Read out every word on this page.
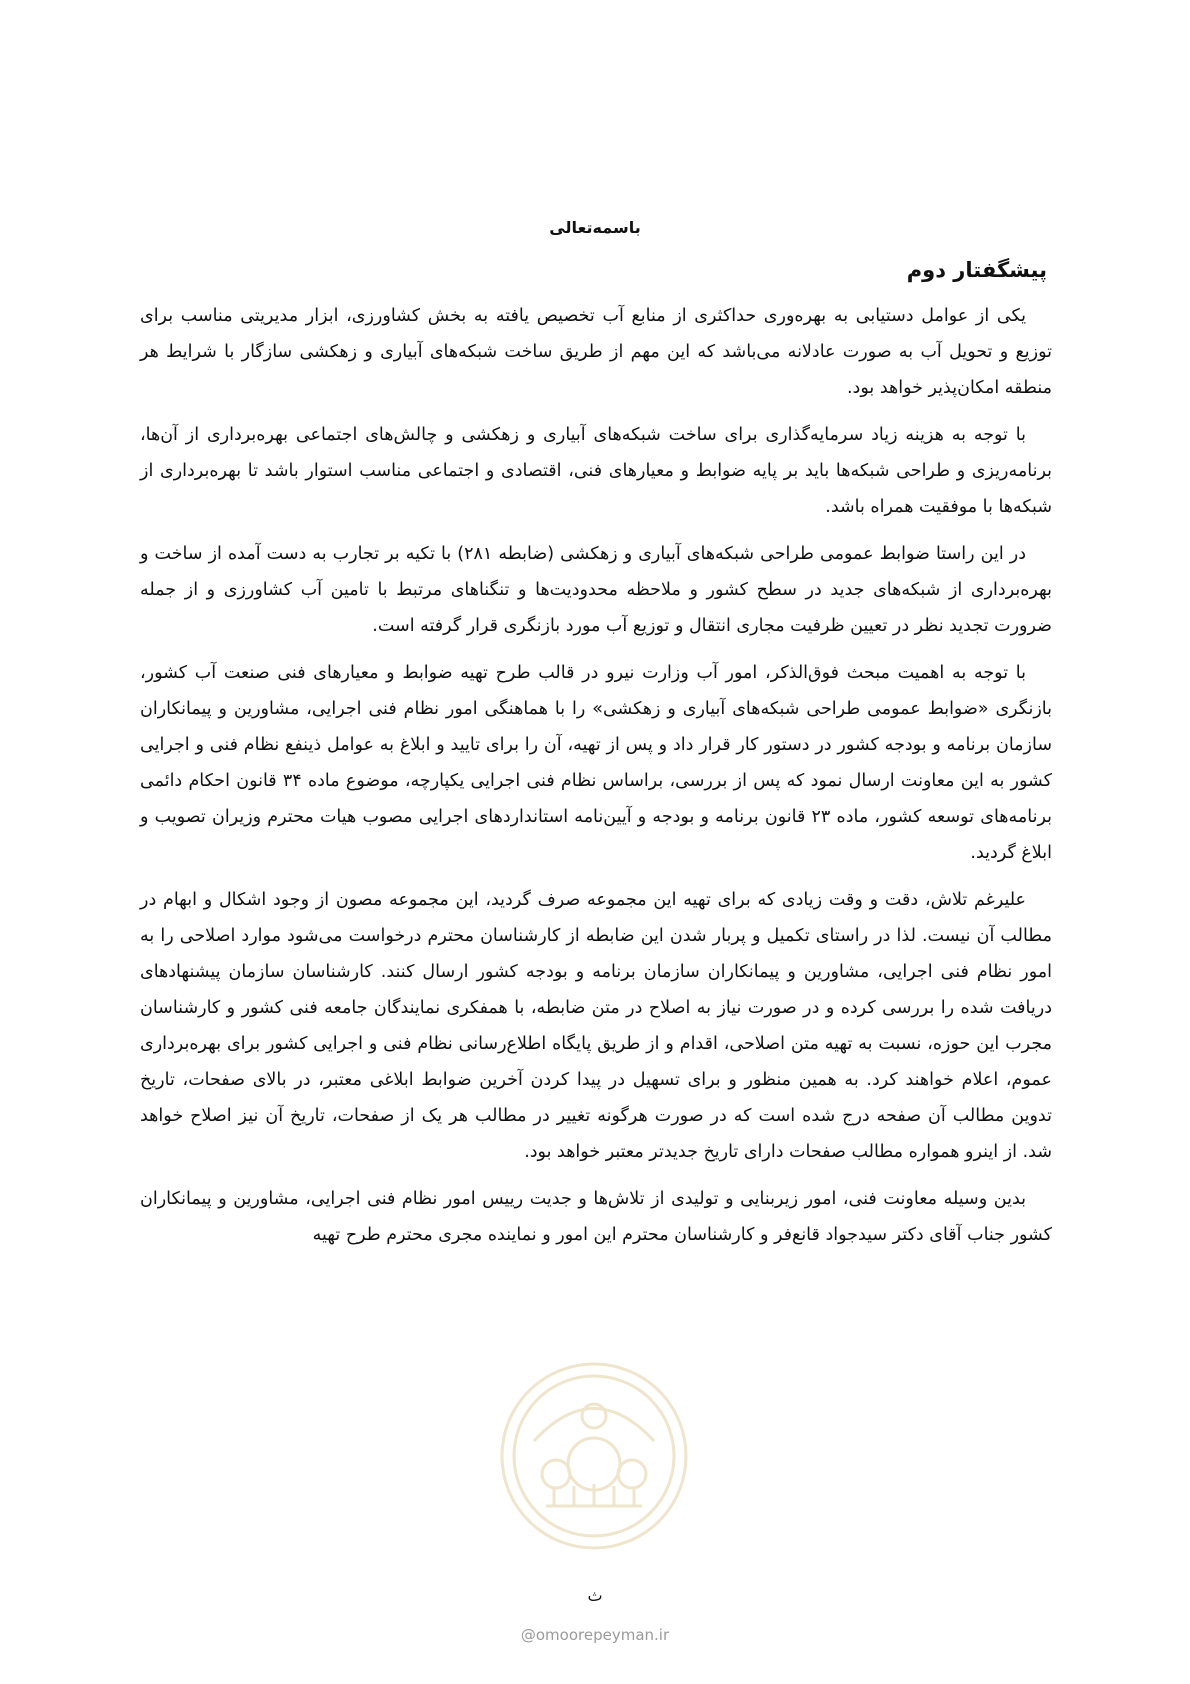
باسمه‌تعالی
پیشگفتار دوم

یکی از عوامل دستیابی به بهره‌وری حداکثری از منابع آب تخصیص یافته به بخش کشاورزی، ابزار مدیریتی مناسب برای توزیع و تحویل آب به صورت عادلانه می‌باشد که این مهم از طریق ساخت شبکه‌های آبیاری و زهکشی سازگار با شرایط هر منطقه امکان‌پذیر خواهد بود.

با توجه به هزینه زیاد سرمایه‌گذاری برای ساخت شبکه‌های آبیاری و زهکشی و چالش‌های اجتماعی بهره‌برداری از آن‌ها، برنامه‌ریزی و طراحی شبکه‌ها باید بر پایه ضوابط و معیارهای فنی، اقتصادی و اجتماعی مناسب استوار باشد تا بهره‌برداری از شبکه‌ها با موفقیت همراه باشد.

در این راستا ضوابط عمومی طراحی شبکه‌های آبیاری و زهکشی (ضابطه ۲۸۱) با تکیه بر تجارب به دست آمده از ساخت و بهره‌برداری از شبکه‌های جدید در سطح کشور و ملاحظه محدودیت‌ها و تنگناهای مرتبط با تامین آب کشاورزی و از جمله ضرورت تجدید نظر در تعیین ظرفیت مجاری انتقال و توزیع آب مورد بازنگری قرار گرفته است.

با توجه به اهمیت مبحث فوق‌الذکر، امور آب وزارت نیرو در قالب طرح تهیه ضوابط و معیارهای فنی صنعت آب کشور، بازنگری «ضوابط عمومی طراحی شبکه‌های آبیاری و زهکشی» را با هماهنگی امور نظام فنی اجرایی، مشاورین و پیمانکاران سازمان برنامه و بودجه کشور در دستور کار قرار داد و پس از تهیه، آن را برای تایید و ابلاغ به عوامل ذینفع نظام فنی و اجرایی کشور به این معاونت ارسال نمود که پس از بررسی، براساس نظام فنی اجرایی یکپارچه، موضوع ماده ۳۴ قانون احکام دائمی برنامه‌های توسعه کشور، ماده ۲۳ قانون برنامه و بودجه و آیین‌نامه استانداردهای اجرایی مصوب هیات محترم وزیران تصویب و ابلاغ گردید.

علیرغم تلاش، دقت و وقت زیادی که برای تهیه این مجموعه صرف گردید، این مجموعه مصون از وجود اشکال و ابهام در مطالب آن نیست. لذا در راستای تکمیل و پربار شدن این ضابطه از کارشناسان محترم درخواست می‌شود موارد اصلاحی را به امور نظام فنی اجرایی، مشاورین و پیمانکاران سازمان برنامه و بودجه کشور ارسال کنند. کارشناسان سازمان پیشنهادهای دریافت شده را بررسی کرده و در صورت نیاز به اصلاح در متن ضابطه، با همفکری نمایندگان جامعه فنی کشور و کارشناسان مجرب این حوزه، نسبت به تهیه متن اصلاحی، اقدام و از طریق پایگاه اطلاع‌رسانی نظام فنی و اجرایی کشور برای بهره‌برداری عموم، اعلام خواهند کرد. به همین منظور و برای تسهیل در پیدا کردن آخرین ضوابط ابلاغی معتبر، در بالای صفحات، تاریخ تدوین مطالب آن صفحه درج شده است که در صورت هرگونه تغییر در مطالب هر یک از صفحات، تاریخ آن نیز اصلاح خواهد شد. از اینرو همواره مطالب صفحات دارای تاریخ جدیدتر معتبر خواهد بود.

بدین وسیله معاونت فنی، امور زیربنایی و تولیدی از تلاش‌ها و جدیت رییس امور نظام فنی اجرایی، مشاورین و پیمانکاران کشور جناب آقای دکتر سیدجواد قانع‌فر و کارشناسان محترم این امور و نماینده مجری محترم طرح تهیه

ث
@omoorepeyman.ir
